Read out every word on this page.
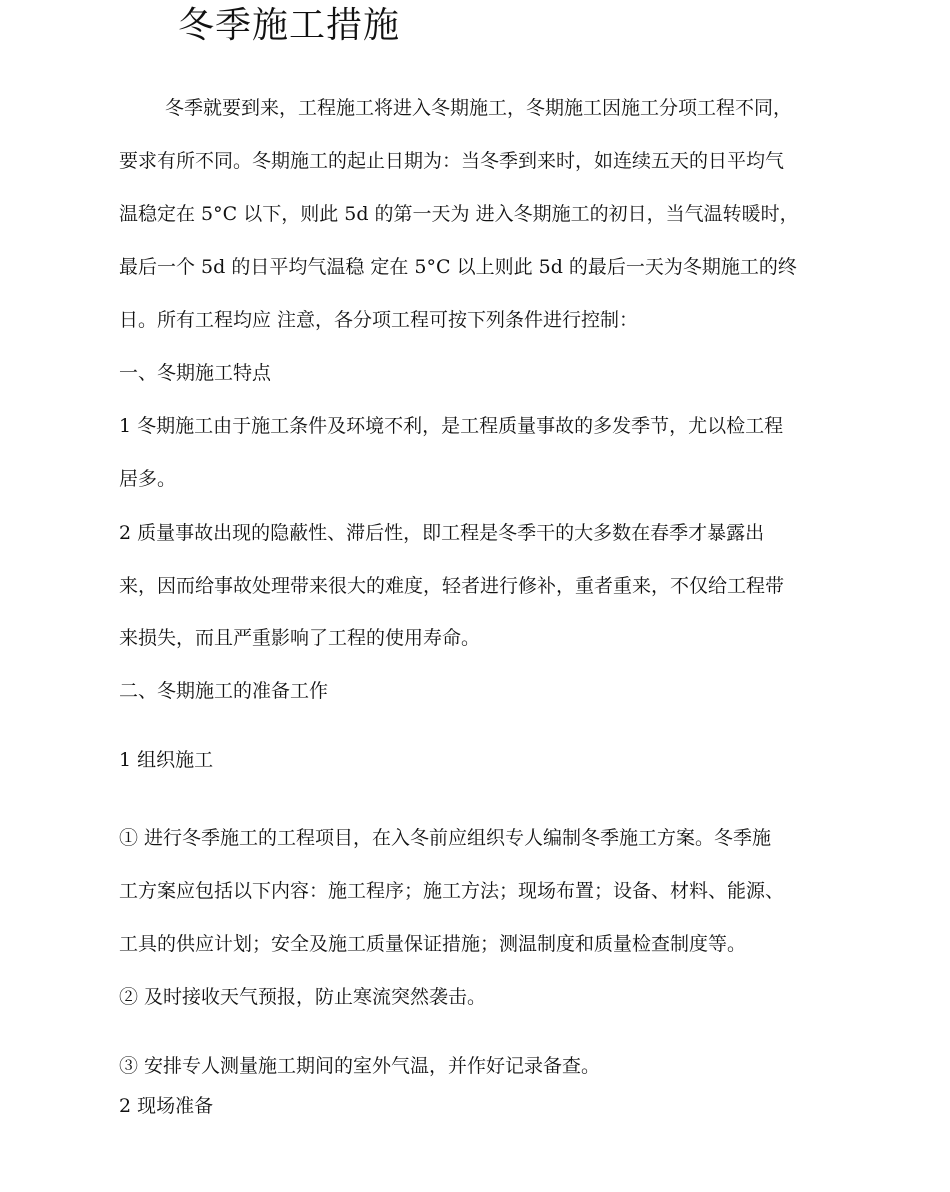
冬季施工措施
冬季就要到来，工程施工将进入冬期施工，冬期施工因施工分项工程不同，
要求有所不同。冬期施工的起止日期为：当冬季到来时，如连续五天的日平均气
温稳定在 5°C 以下，则此 5d 的第一天为 进入冬期施工的初日，当气温转暖时，
最后一个 5d 的日平均气温稳 定在 5°C 以上则此 5d 的最后一天为冬期施工的终
日。所有工程均应 注意，各分项工程可按下列条件进行控制：
一、冬期施工特点
1 冬期施工由于施工条件及环境不利，是工程质量事故的多发季节，尤以检工程
居多。
2 质量事故出现的隐蔽性、滞后性，即工程是冬季干的大多数在春季才暴露出
来，因而给事故处理带来很大的难度，轻者进行修补，重者重来，不仅给工程带
来损失，而且严重影响了工程的使用寿命。
二、冬期施工的准备工作
1 组织施工
① 进行冬季施工的工程项目，在入冬前应组织专人编制冬季施工方案。冬季施
工方案应包括以下内容：施工程序；施工方法；现场布置；设备、材料、能源、
工具的供应计划；安全及施工质量保证措施；测温制度和质量检查制度等。
② 及时接收天气预报，防止寒流突然袭击。
③ 安排专人测量施工期间的室外气温，并作好记录备查。
2 现场准备
